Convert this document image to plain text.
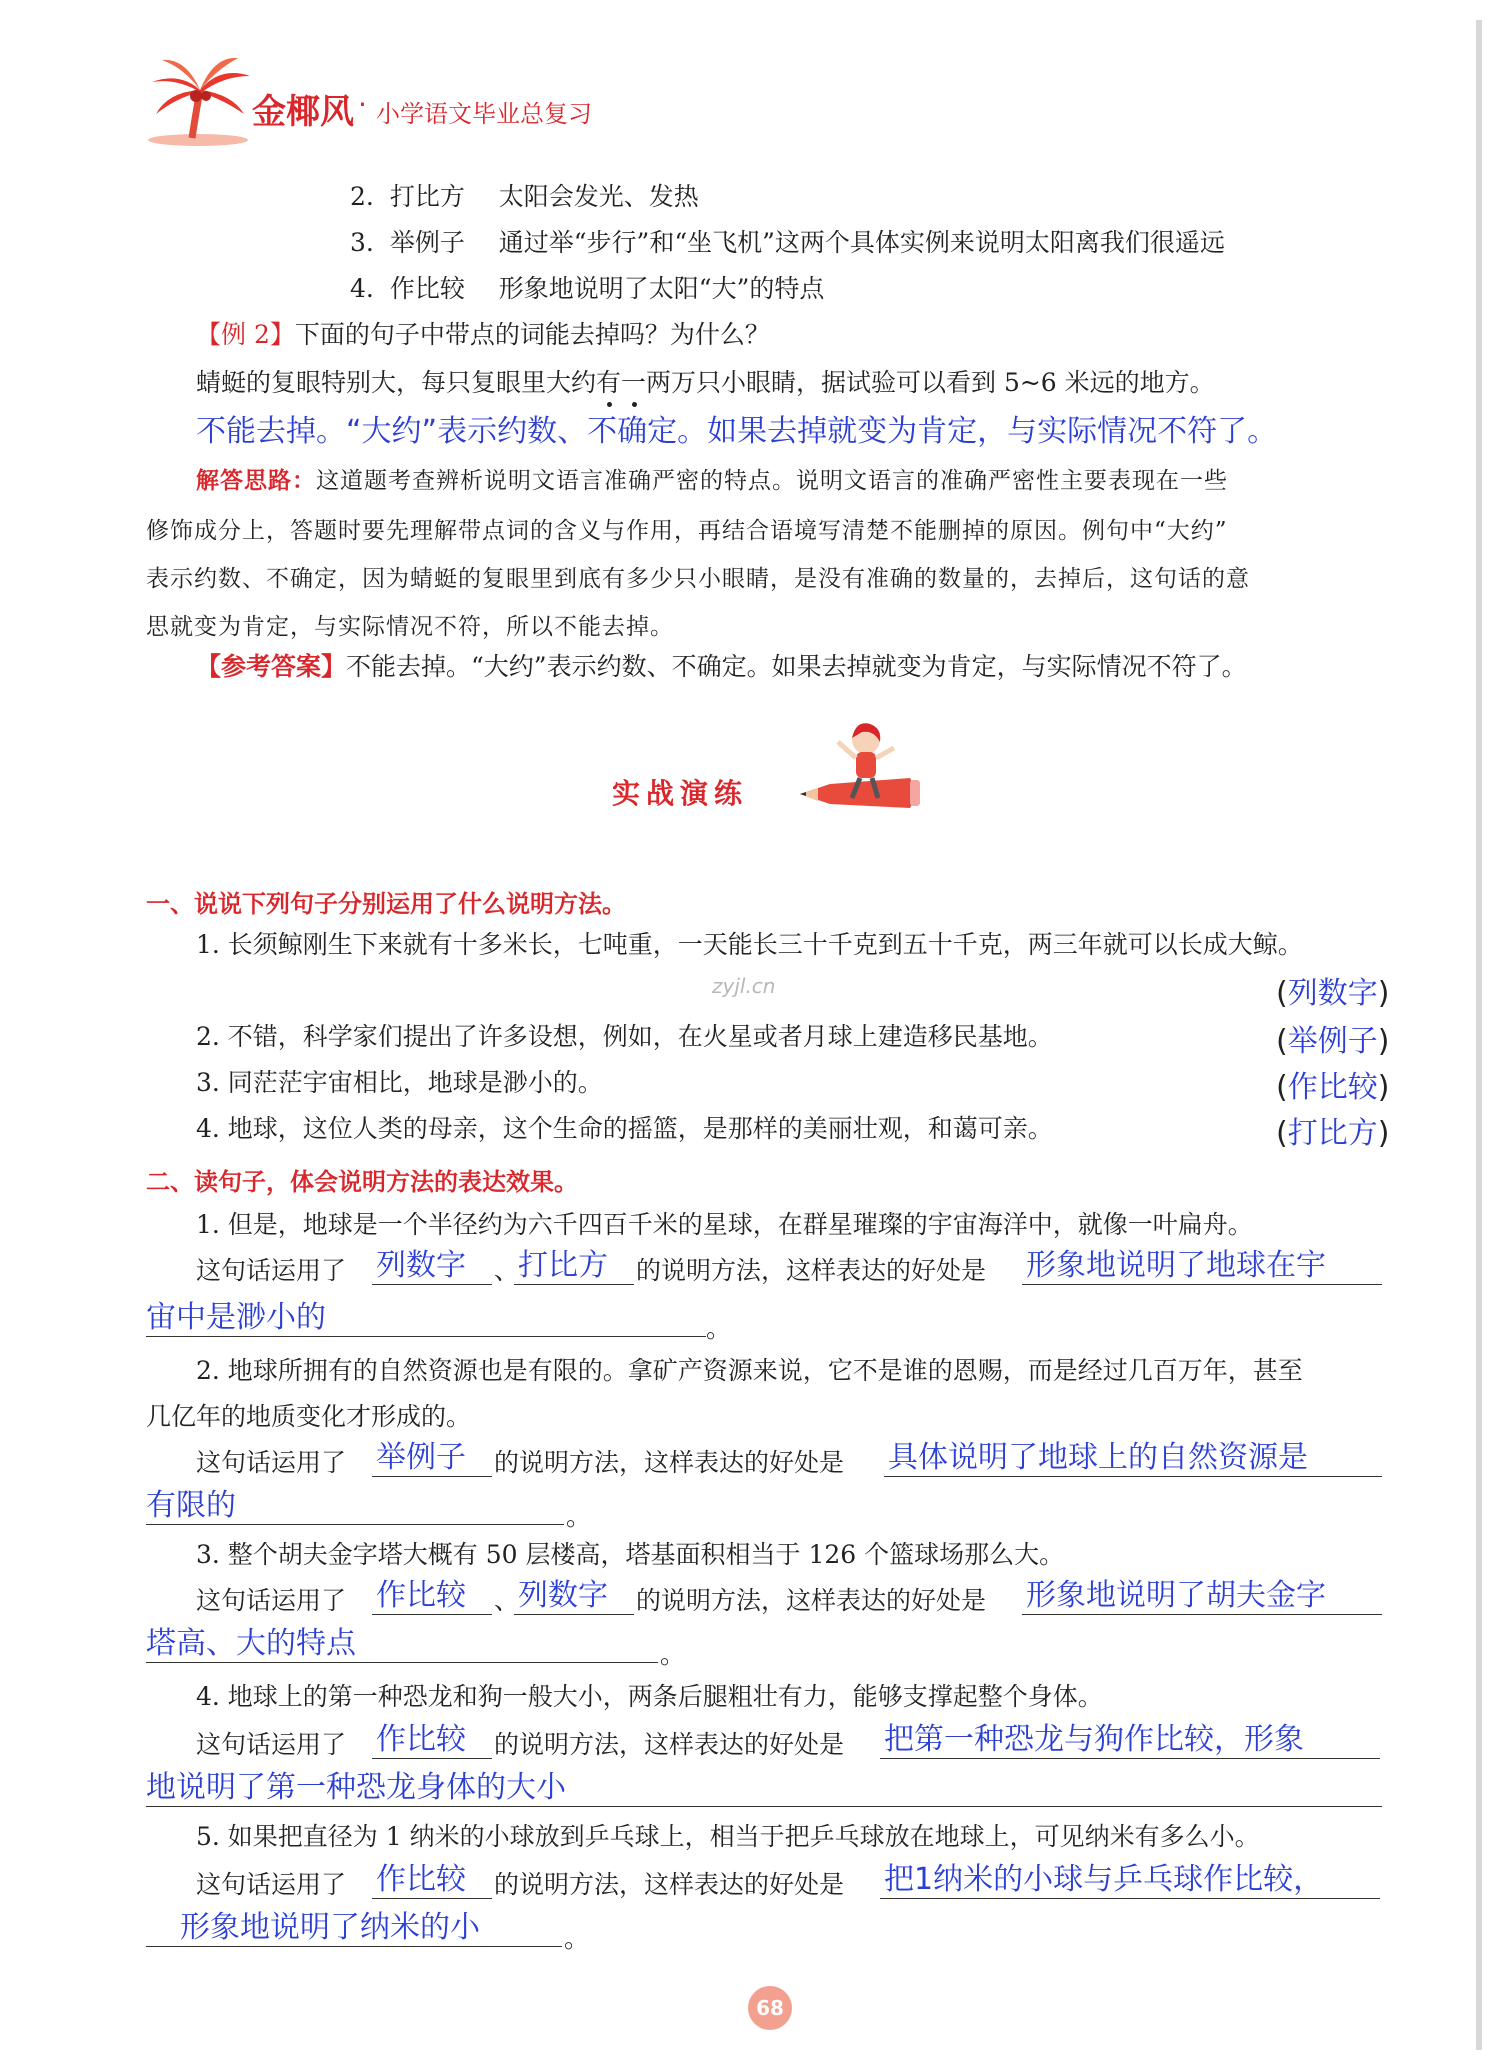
金椰风 · 小学语文毕业总复习
2. 打比方 太阳会发光、发热
3. 举例子 通过举“步行”和“坐飞机”这两个具体实例来说明太阳离我们很遥远
4. 作比较 形象地说明了太阳“大”的特点
【例 2】下面的句子中带点的词能去掉吗？为什么？
蜻蜓的复眼特别大，每只复眼里大约有一两万只小眼睛，据试验可以看到 5~6 米远的地方。
不能去掉。“大约”表示约数、不确定。如果去掉就变为肯定，与实际情况不符了。
解答思路：这道题考查辨析说明文语言准确严密的特点。说明文语言的准确严密性主要表现在一些
修饰成分上，答题时要先理解带点词的含义与作用，再结合语境写清楚不能删掉的原因。例句中“大约”
表示约数、不确定，因为蜻蜓的复眼里到底有多少只小眼睛，是没有准确的数量的，去掉后，这句话的意
思就变为肯定，与实际情况不符，所以不能去掉。
【参考答案】不能去掉。“大约”表示约数、不确定。如果去掉就变为肯定，与实际情况不符了。
实战演练
一、说说下列句子分别运用了什么说明方法。
1. 长须鲸刚生下来就有十多米长，七吨重，一天能长三十千克到五十千克，两三年就可以长成大鲸。
zyjl.cn	(列数字)
2. 不错，科学家们提出了许多设想，例如，在火星或者月球上建造移民基地。	(举例子)
3. 同茫茫宇宙相比，地球是渺小的。	(作比较)
4. 地球，这位人类的母亲，这个生命的摇篮，是那样的美丽壮观，和蔼可亲。	(打比方)
二、读句子，体会说明方法的表达效果。
1. 但是，地球是一个半径约为六千四百千米的星球，在群星璀璨的宇宙海洋中，就像一叶扁舟。
这句话运用了 列数字 、
打比方 的说明方法，这样表达的好处是 形象地说明了地球在宇
宙中是渺小的	。
2. 地球所拥有的自然资源也是有限的。拿矿产资源来说，它不是谁的恩赐，而是经过几百万年，甚至
几亿年的地质变化才形成的。
这句话运用了 举例子 的说明方法，这样表达的好处是 具体说明了地球上的自然资源是
有限的	。
3. 整个胡夫金字塔大概有 50 层楼高，塔基面积相当于 126 个篮球场那么大。
这句话运用了 作比较 、
列数字 的说明方法，这样表达的好处是 形象地说明了胡夫金字
塔高、大的特点	。
4. 地球上的第一种恐龙和狗一般大小，两条后腿粗壮有力，能够支撑起整个身体。
这句话运用了 作比较 的说明方法，这样表达的好处是 把第一种恐龙与狗作比较，形象
地说明了第一种恐龙身体的大小
5. 如果把直径为 1 纳米的小球放到乒乓球上，相当于把乒乓球放在地球上，可见纳米有多么小。
这句话运用了 作比较 的说明方法，这样表达的好处是 把1纳米的小球与乒乓球作比较，
形象地说明了纳米的小	。
68
